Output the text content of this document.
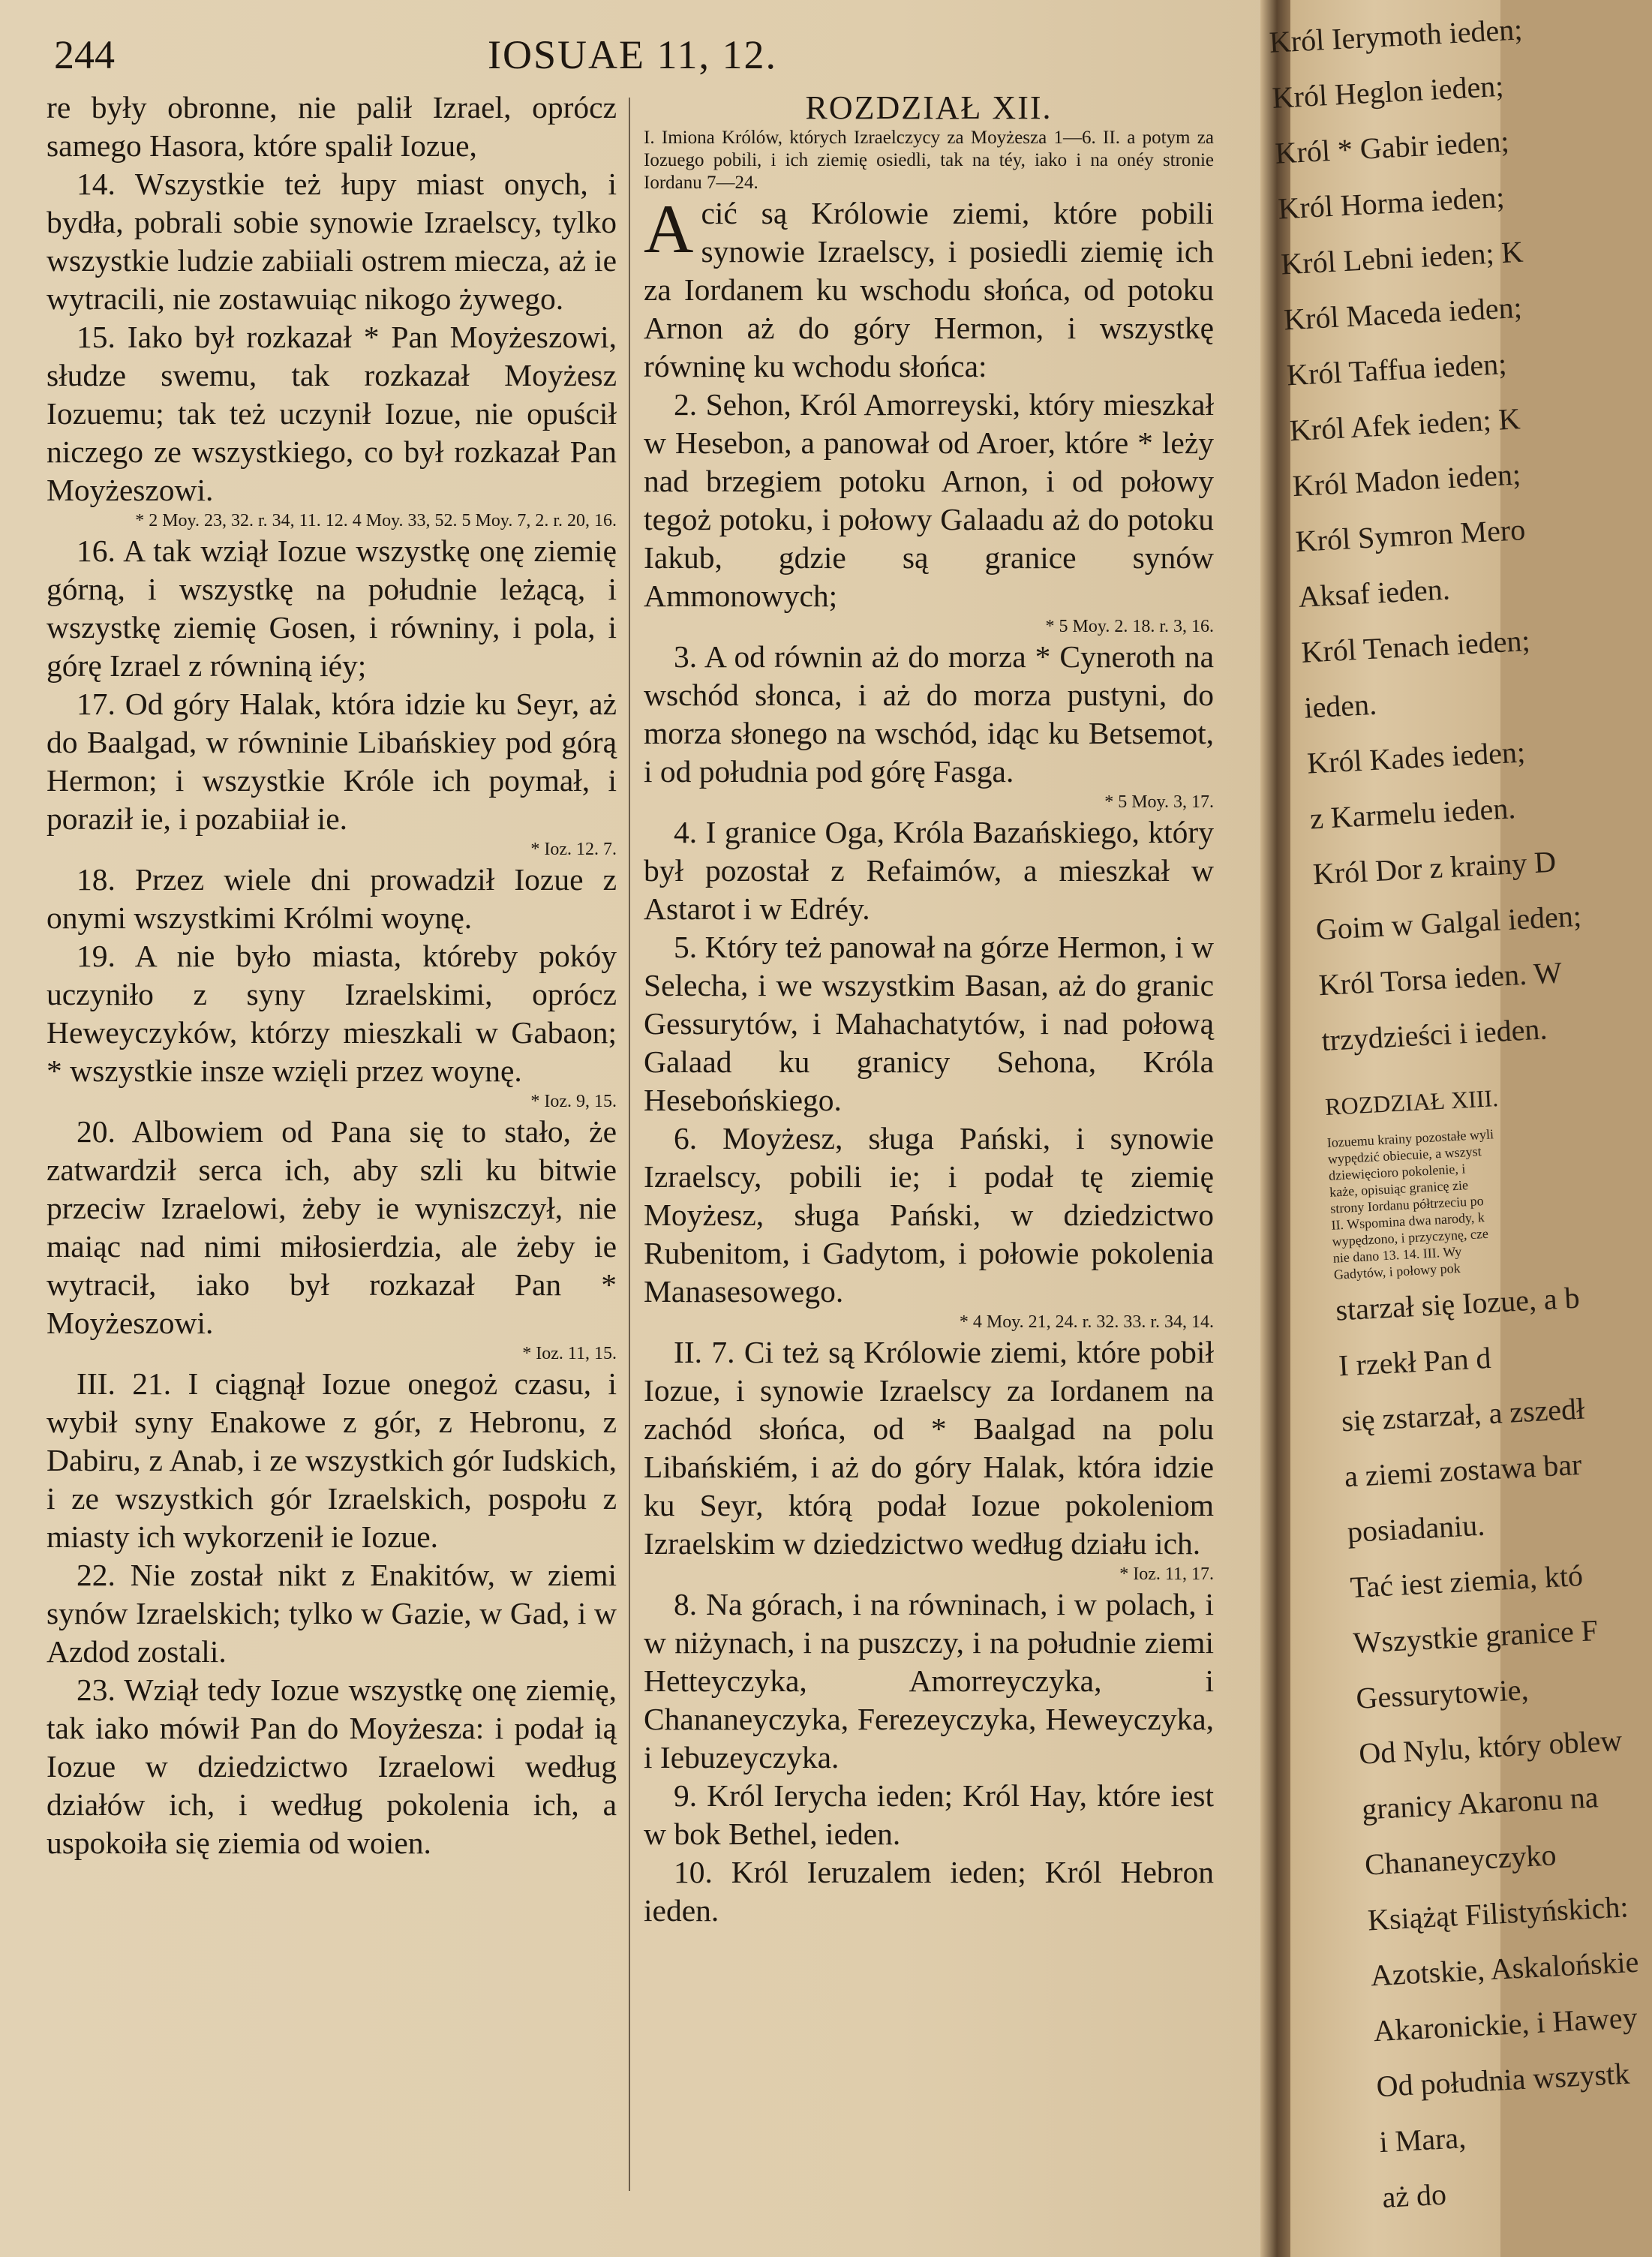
244	IOSUAE 11, 12.

re były obronne, nie palił Izrael, oprócz samego Hasora, które spalił Iozue,

14. Wszystkie też łupy miast onych, i bydła, pobrali sobie synowie Izraelscy, tylko wszystkie ludzie zabiiali ostrem miecza, aż ie wytracili, nie zostawuiąc nikogo żywego.

15. Iako był rozkazał * Pan Moyżeszowi, słudze swemu, tak rozkazał Moyżesz Iozuemu; tak też uczynił Iozue, nie opuścił niczego ze wszystkiego, co był rozkazał Pan Moyżeszowi.

* 2 Moy. 23, 32. r. 34, 11. 12. 4 Moy. 33, 52. 5 Moy. 7, 2. r. 20, 16.

16. A tak wziął Iozue wszystkę onę ziemię górną, i wszystkę na południe leżącą, i wszystkę ziemię Gosen, i równiny, i pola, i górę Izrael z równiną iéy;

17. Od góry Halak, która idzie ku Seyr, aż do Baalgad, w równinie Libańskiey pod górą Hermon; i wszystkie Króle ich poymał, i poraził ie, i pozabiiał ie.

* Ioz. 12. 7.

18. Przez wiele dni prowadził Iozue z onymi wszystkimi Królmi woynę.

19. A nie było miasta, któreby pokóy uczyniło z syny Izraelskimi, oprócz Heweyczyków, którzy mieszkali w Gabaon; * wszystkie insze wzięli przez woynę.

* Ioz. 9, 15.

20. Albowiem od Pana się to stało, że zatwardził serca ich, aby szli ku bitwie przeciw Izraelowi, żeby ie wyniszczył, nie maiąc nad nimi miłosierdzia, ale żeby ie wytracił, iako był rozkazał Pan * Moyżeszowi.

* Ioz. 11, 15.

III. 21. I ciągnął Iozue onegoż czasu, i wybił syny Enakowe z gór, z Hebronu, z Dabiru, z Anab, i ze wszystkich gór Iudskich, i ze wszystkich gór Izraelskich, pospołu z miasty ich wykorzenił ie Iozue.

22. Nie został nikt z Enakitów, w ziemi synów Izraelskich; tylko w Gazie, w Gad, i w Azdod zostali.

23. Wziął tedy Iozue wszystkę onę ziemię, tak iako mówił Pan do Moyżesza: i podał ią Iozue w dziedzictwo Izraelowi według działów ich, i według pokolenia ich, a uspokoiła się ziemia od woien.

ROZDZIAŁ XII.

I. Imiona Królów, których Izraelczycy za Moyżesza 1—6. II. a potym za Iozuego pobili, i ich ziemię osiedli, tak na téy, iako i na onéy stronie Iordanu 7—24.

A cić są Królowie ziemi, które pobili synowie Izraelscy, i posiedli ziemię ich za Iordanem ku wschodu słońca, od potoku Arnon aż do góry Hermon, i wszystkę równinę ku wchodu słońca:

2. Sehon, Król Amorreyski, który mieszkał w Hesebon, a panował od Aroer, które * leży nad brzegiem potoku Arnon, i od połowy tegoż potoku, i połowy Galaadu aż do potoku Iakub, gdzie są granice synów Ammonowych;

* 5 Moy. 2. 18. r. 3, 16.

3. A od równin aż do morza * Cyneroth na wschód słonca, i aż do morza pustyni, do morza słonego na wschód, idąc ku Betsemot, i od południa pod górę Fasga.

* 5 Moy. 3, 17.

4. I granice Oga, Króla Bazańskiego, który był pozostał z Refaimów, a mieszkał w Astarot i w Edréy.

5. Który też panował na górze Hermon, i w Selecha, i we wszystkim Basan, aż do granic Gessurytów, i Mahachatytów, i nad połową Galaad ku granicy Sehona, Króla Hesebońskiego.

6. Moyżesz, sługa Pański, i synowie Izraelscy, pobili ie; i podał tę ziemię Moyżesz, sługa Pański, w dziedzictwo Rubenitom, i Gadytom, i połowie pokolenia Manasesowego.

* 4 Moy. 21, 24. r. 32. 33. r. 34, 14.

II. 7. Ci też są Królowie ziemi, które pobił Iozue, i synowie Izraelscy za Iordanem na zachód słońca, od * Baalgad na polu Libańskiém, i aż do góry Halak, która idzie ku Seyr, którą podał Iozue pokoleniom Izraelskim w dziedzictwo według działu ich.

* Ioz. 11, 17.

8. Na górach, i na równinach, i w polach, i w niżynach, i na puszczy, i na południe ziemi Hetteyczyka, Amorreyczyka, i Chananeyczyka, Ferezeyczyka, Heweyczyka, i Iebuzeyczyka.

9. Król Ierycha ieden; Król Hay, które iest w bok Bethel, ieden.

10. Król Ieruzalem ieden; Król Hebron ieden.

Król Ierymoth ieden;
Król Heglon ieden;
Król * Gabir ieden;
Król Horma ieden;
Król Lebni ieden; K
Król Maceda ieden;
Król Taffua ieden;
Król Afek ieden; K
Król Madon ieden;
Król Symron Mero
Aksaf ieden.
Król Tenach ieden;
ieden.
Król Kades ieden;
z Karmelu ieden.
Król Dor z krainy D
Goim w Galgal ieden;
Król Torsa ieden. W
trzydzieści i ieden.
ROZDZIAŁ XIII.
Iozuemu krainy pozostałe wyli
wypędzić obiecuie, a wszyst
dziewięcioro pokolenie, i
każe, opisuiąc granicę zie
strony Iordanu półtrzeciu po
II. Wspomina dwa narody, k
wypędzono, i przyczynę, cze
nie dano 13. 14. III. Wy
Gadytów, i połowy pok
starzał się Iozue, a b
I rzekł Pan d
się zstarzał, a zszedł
a ziemi zostawa bar
posiadaniu.
Tać iest ziemia, któ
Wszystkie granice F
Gessurytowie,
Od Nylu, który oblew
granicy Akaronu na
Chananeyczyko
Książąt Filistyńskich:
Azotskie, Askalońskie
Akaronickie, i Hawey
Od południa wszystk
i Mara,
aż do
